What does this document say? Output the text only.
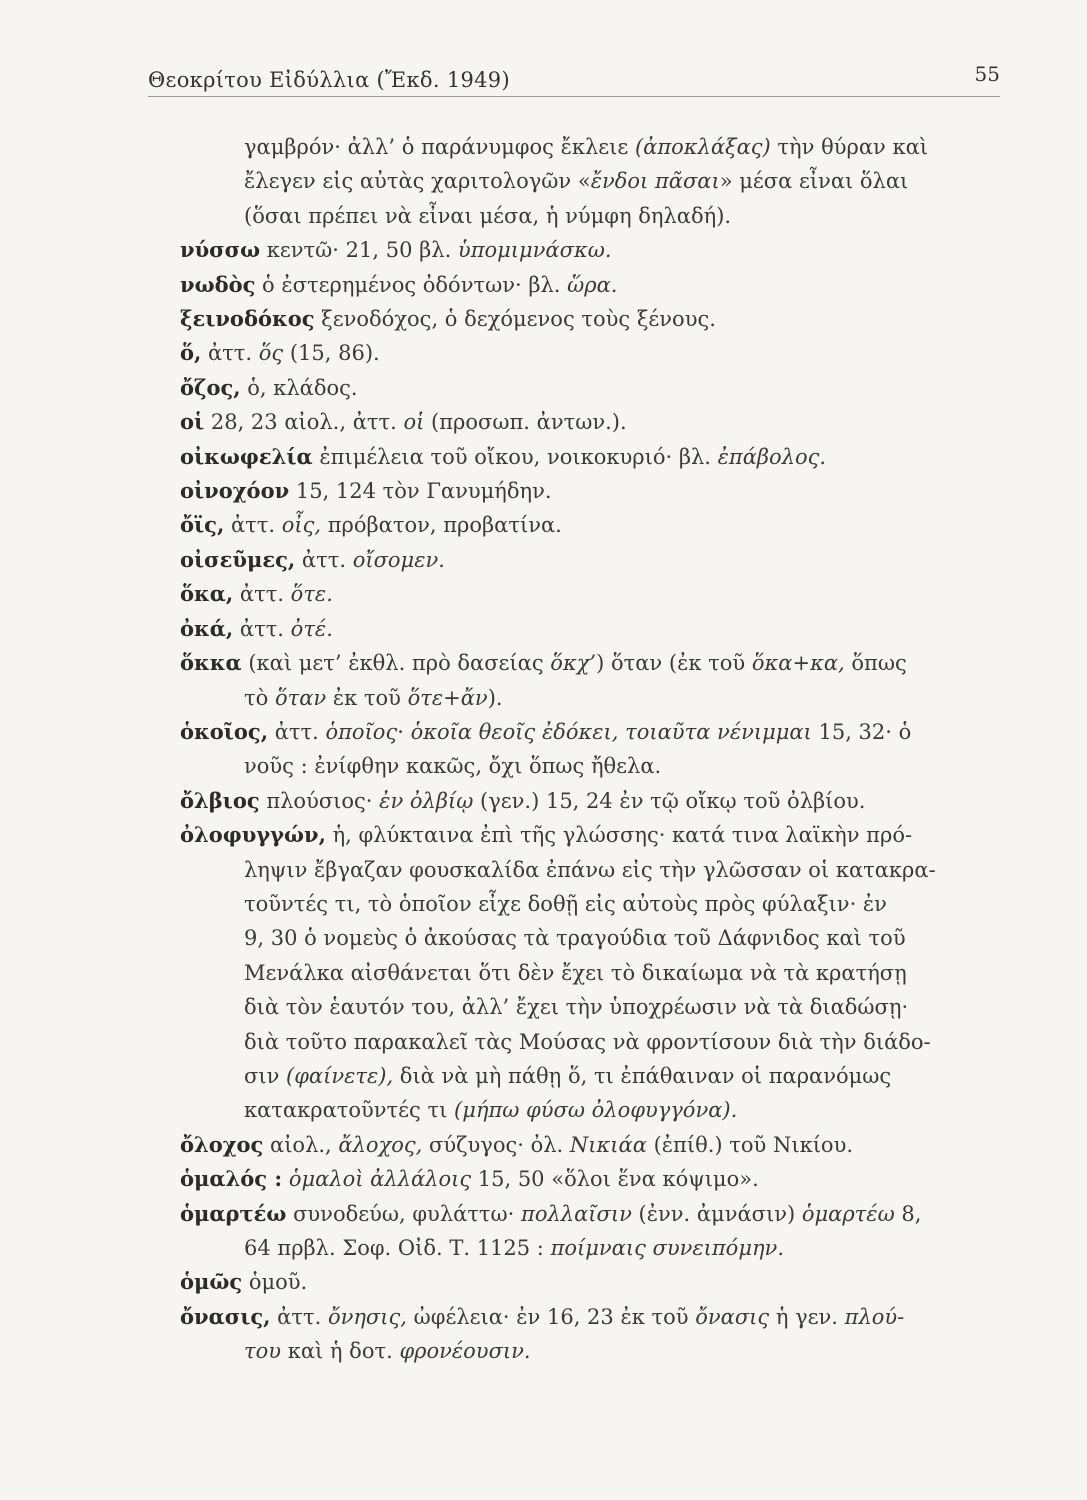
Θεοκρίτου Εἰδύλλια (Ἔκδ. 1949)	55
γαμβρόν· ἀλλ’ ὁ παράνυμφος ἔκλειε (ἀποκλάξας) τὴν θύραν καὶ
ἔλεγεν εἰς αὐτὰς χαριτολογῶν «ἔνδοι πᾶσαι» μέσα εἶναι ὅλαι
(ὅσαι πρέπει νὰ εἶναι μέσα, ἡ νύμφη δηλαδή).
νύσσω κεντῶ· 21, 50 βλ. ὑπομιμνάσκω.
νωδὸς ὁ ἐστερημένος ὀδόντων· βλ. ὥρα.
ξεινοδόκος ξενοδόχος, ὁ δεχόμενος τοὺς ξένους.
ὅ, ἀττ. ὅς (15, 86).
ὄζος, ὁ, κλάδος.
οἱ 28, 23 αἰολ., ἀττ. οἱ (προσωπ. ἀντων.).
οἰκωφελία ἐπιμέλεια τοῦ οἴκου, νοικοκυριό· βλ. ἐπάβολος.
οἰνοχόον 15, 124 τὸν Γανυμήδην.
ὄϊς, ἀττ. οἶς, πρόβατον, προβατίνα.
οἰσεῦμες, ἀττ. οἴσομεν.
ὅκα, ἀττ. ὅτε.
ὀκά, ἀττ. ὀτέ.
ὅκκα (καὶ μετ’ ἐκθλ. πρὸ δασείας ὅκχ’) ὅταν (ἐκ τοῦ ὅκα+κα, ὅπως
τὸ ὅταν ἐκ τοῦ ὅτε+ἄν).
ὁκοῖος, ἀττ. ὁποῖος· ὁκοῖα θεοῖς ἐδόκει, τοιαῦτα νένιμμαι 15, 32· ὁ
νοῦς : ἐνίφθην κακῶς, ὄχι ὅπως ἤθελα.
ὄλβιος πλούσιος· ἐν ὀλβίῳ (γεν.) 15, 24 ἐν τῷ οἴκῳ τοῦ ὀλβίου.
ὀλοφυγγών, ἡ, φλύκταινα ἐπὶ τῆς γλώσσης· κατά τινα λαϊκὴν πρό-
ληψιν ἔβγαζαν φουσκαλίδα ἐπάνω εἰς τὴν γλῶσσαν οἱ κατακρα-
τοῦντές τι, τὸ ὁποῖον εἶχε δοθῇ εἰς αὐτοὺς πρὸς φύλαξιν· ἐν
9, 30 ὁ νομεὺς ὁ ἀκούσας τὰ τραγούδια τοῦ Δάφνιδος καὶ τοῦ
Μενάλκα αἰσθάνεται ὅτι δὲν ἔχει τὸ δικαίωμα νὰ τὰ κρατήσῃ
διὰ τὸν ἑαυτόν του, ἀλλ’ ἔχει τὴν ὑποχρέωσιν νὰ τὰ διαδώσῃ·
διὰ τοῦτο παρακαλεῖ τὰς Μούσας νὰ φροντίσουν διὰ τὴν διάδο-
σιν (φαίνετε), διὰ νὰ μὴ πάθῃ ὅ, τι ἐπάθαιναν οἱ παρανόμως
κατακρατοῦντές τι (μήπω φύσω ὀλοφυγγόνα).
ὄλοχος αἰολ., ἄλοχος, σύζυγος· ὀλ. Νικιάα (ἐπίθ.) τοῦ Νικίου.
ὁμαλός : ὁμαλοὶ ἀλλάλοις 15, 50 «ὅλοι ἕνα κόψιμο».
ὁμαρτέω συνοδεύω, φυλάττω· πολλαῖσιν (ἐνν. ἀμνάσιν) ὁμαρτέω 8,
64 πρβλ. Σοφ. Οἰδ. Τ. 1125 : ποίμναις συνειπόμην.
ὁμῶς ὁμοῦ.
ὄνασις, ἀττ. ὄνησις, ὠφέλεια· ἐν 16, 23 ἐκ τοῦ ὄνασις ἡ γεν. πλού-
του καὶ ἡ δοτ. φρονέουσιν.
